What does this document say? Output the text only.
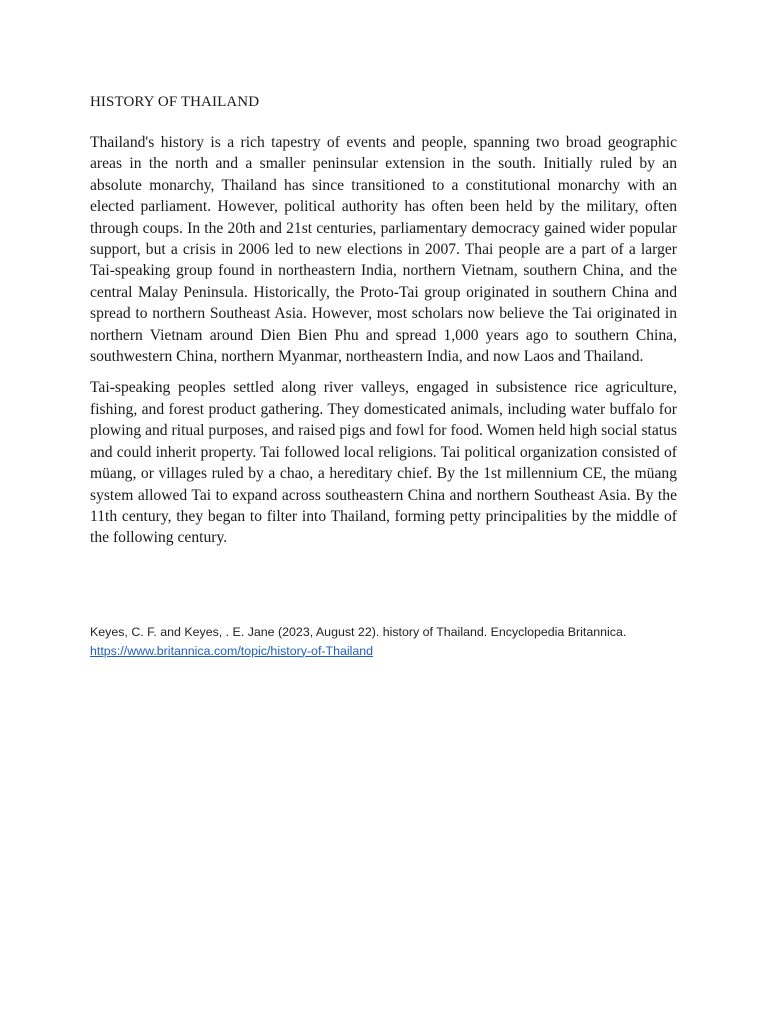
HISTORY OF THAILAND

Thailand's history is a rich tapestry of events and people, spanning two broad geographic areas in the north and a smaller peninsular extension in the south. Initially ruled by an absolute monarchy, Thailand has since transitioned to a constitutional monarchy with an elected parliament. However, political authority has often been held by the military, often through coups. In the 20th and 21st centuries, parliamentary democracy gained wider popular support, but a crisis in 2006 led to new elections in 2007. Thai people are a part of a larger Tai-speaking group found in northeastern India, northern Vietnam, southern China, and the central Malay Peninsula. Historically, the Proto-Tai group originated in southern China and spread to northern Southeast Asia. However, most scholars now believe the Tai originated in northern Vietnam around Dien Bien Phu and spread 1,000 years ago to southern China, southwestern China, northern Myanmar, northeastern India, and now Laos and Thailand.

Tai-speaking peoples settled along river valleys, engaged in subsistence rice agriculture, fishing, and forest product gathering. They domesticated animals, including water buffalo for plowing and ritual purposes, and raised pigs and fowl for food. Women held high social status and could inherit property. Tai followed local religions. Tai political organization consisted of müang, or villages ruled by a chao, a hereditary chief. By the 1st millennium CE, the müang system allowed Tai to expand across southeastern China and northern Southeast Asia. By the 11th century, they began to filter into Thailand, forming petty principalities by the middle of the following century.

Keyes, C. F. and Keyes, . E. Jane (2023, August 22). history of Thailand. Encyclopedia Britannica.
https://www.britannica.com/topic/history-of-Thailand
